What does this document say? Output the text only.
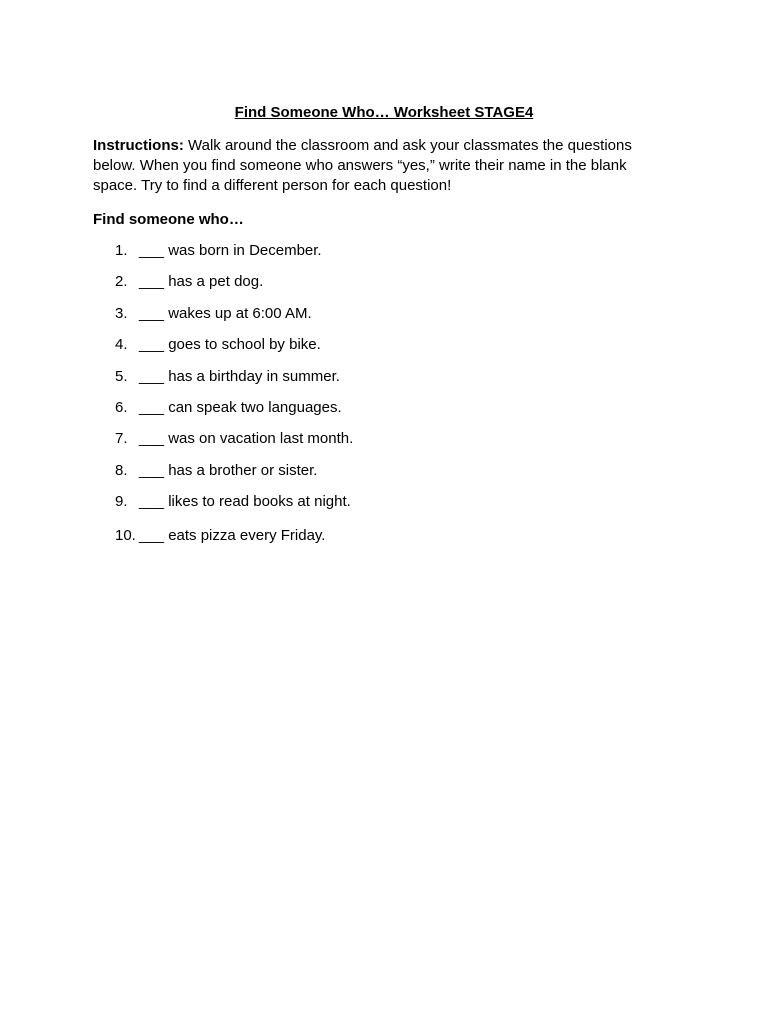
Find Someone Who… Worksheet STAGE4

Instructions: Walk around the classroom and ask your classmates the questions below. When you find someone who answers “yes,” write their name in the blank space. Try to find a different person for each question!

Find someone who…

1. ___ was born in December.
2. ___ has a pet dog.
3. ___ wakes up at 6:00 AM.
4. ___ goes to school by bike.
5. ___ has a birthday in summer.
6. ___ can speak two languages.
7. ___ was on vacation last month.
8. ___ has a brother or sister.
9. ___ likes to read books at night.
10. ___ eats pizza every Friday.
